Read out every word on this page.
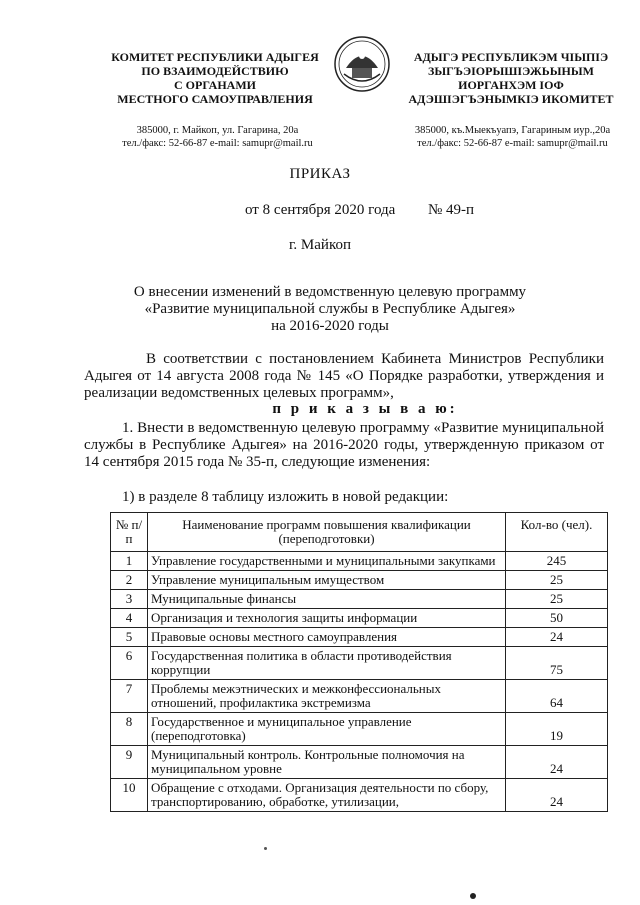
КОМИТЕТ РЕСПУБЛИКИ АДЫГЕЯ
ПО ВЗАИМОДЕЙСТВИЮ
С ОРГАНАМИ
МЕСТНОГО САМОУПРАВЛЕНИЯ
АДЫГЭ РЕСПУБЛИКЭМ ЧIЫПIЭ
ЗЫГЪЭIОРЫШIЭЖЬЫНЫМ
ИОРГАНХЭМ IОФ
АДЭШIЭГЪЭНЫМКIЭ ИКОМИТЕТ
385000, г. Майкоп, ул. Гагарина, 20а
тел./факс: 52-66-87 e-mail: samupr@mail.ru
385000, къ.Мыекъуапэ, Гагариным иур.,20а
тел./факс: 52-66-87 e-mail: samupr@mail.ru
ПРИКАЗ
от 8 сентября 2020 года № 49-п
г. Майкоп
О внесении изменений в ведомственную целевую программу
«Развитие муниципальной службы в Республике Адыгея»
на 2016-2020 годы
В соответствии с постановлением Кабинета Министров Республики Адыгея от 14 августа 2008 года № 145 «О Порядке разработки, утверждения и реализации ведомственных целевых программ»,
п р и к а з ы в а ю:
1. Внести в ведомственную целевую программу «Развитие муниципальной службы в Республике Адыгея» на 2016-2020 годы, утвержденную приказом от 14 сентября 2015 года № 35-п, следующие изменения:
1) в разделе 8 таблицу изложить в новой редакции:
№ п/п	Наименование программ повышения квалификации (переподготовки)	Кол-во (чел).
1	Управление государственными и муниципальными закупками	245
2	Управление муниципальным имуществом	25
3	Муниципальные финансы	25
4	Организация и технология защиты информации	50
5	Правовые основы местного самоуправления	24
6	Государственная политика в области противодействия коррупции	75
7	Проблемы межэтнических и межконфессиональных отношений, профилактика экстремизма	64
8	Государственное и муниципальное управление (переподготовка)	19
9	Муниципальный контроль. Контрольные полномочия на муниципальном уровне	24
10	Обращение с отходами. Организация деятельности по сбору, транспортированию, обработке, утилизации,	24
